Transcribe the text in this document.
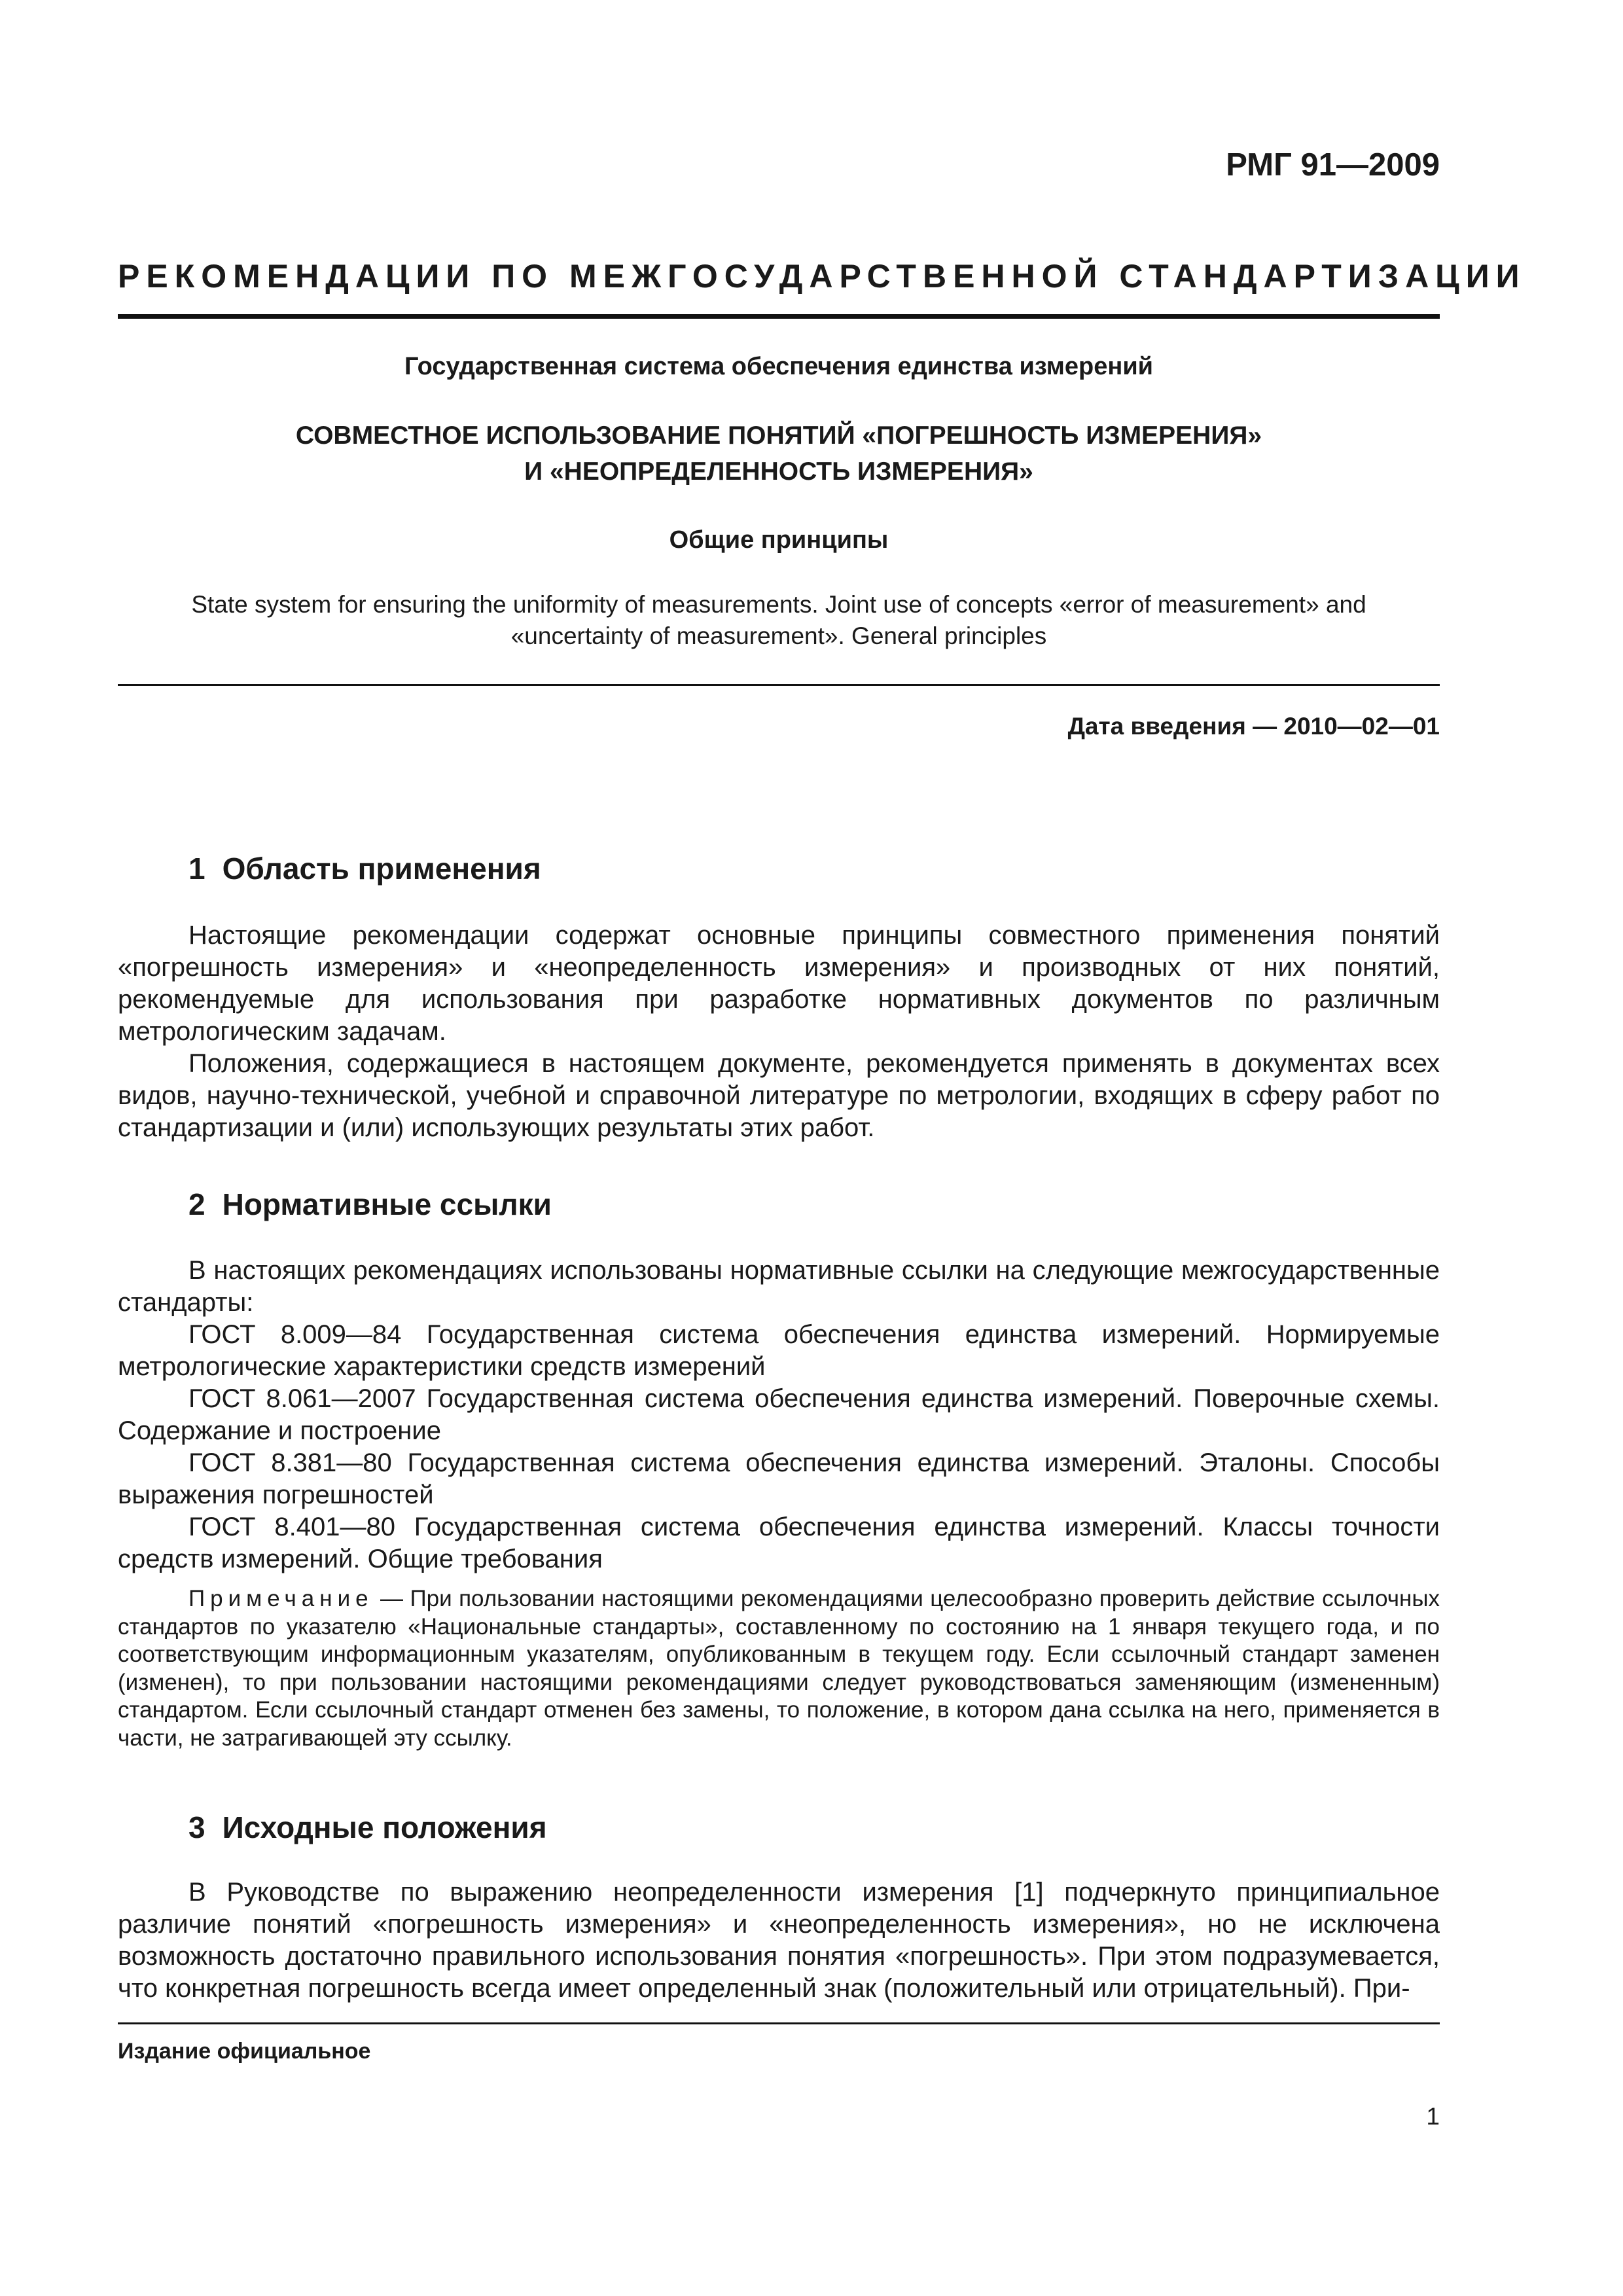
РМГ 91—2009
РЕКОМЕНДАЦИИ ПО МЕЖГОСУДАРСТВЕННОЙ СТАНДАРТИЗАЦИИ
Государственная система обеспечения единства измерений
СОВМЕСТНОЕ ИСПОЛЬЗОВАНИЕ ПОНЯТИЙ «ПОГРЕШНОСТЬ ИЗМЕРЕНИЯ»
И «НЕОПРЕДЕЛЕННОСТЬ ИЗМЕРЕНИЯ»
Общие принципы
State system for ensuring the uniformity of measurements. Joint use of concepts «error of measurement» and
«uncertainty of measurement». General principles
Дата введения — 2010—02—01
1 Область применения

Настоящие рекомендации содержат основные принципы совместного применения понятий «погрешность измерения» и «неопределенность измерения» и производных от них понятий, рекомендуемые для использования при разработке нормативных документов по различным метрологическим задачам.

Положения, содержащиеся в настоящем документе, рекомендуется применять в документах всех видов, научно-технической, учебной и справочной литературе по метрологии, входящих в сферу работ по стандартизации и (или) использующих результаты этих работ.

2 Нормативные ссылки

В настоящих рекомендациях использованы нормативные ссылки на следующие межгосударственные стандарты:

ГОСТ 8.009—84 Государственная система обеспечения единства измерений. Нормируемые метрологические характеристики средств измерений

ГОСТ 8.061—2007 Государственная система обеспечения единства измерений. Поверочные схемы. Содержание и построение

ГОСТ 8.381—80 Государственная система обеспечения единства измерений. Эталоны. Способы выражения погрешностей

ГОСТ 8.401—80 Государственная система обеспечения единства измерений. Классы точности средств измерений. Общие требования

Примечание — При пользовании настоящими рекомендациями целесообразно проверить действие ссылочных стандартов по указателю «Национальные стандарты», составленному по состоянию на 1 января текущего года, и по соответствующим информационным указателям, опубликованным в текущем году. Если ссылочный стандарт заменен (изменен), то при пользовании настоящими рекомендациями следует руководствоваться заменяющим (измененным) стандартом. Если ссылочный стандарт отменен без замены, то положение, в котором дана ссылка на него, применяется в части, не затрагивающей эту ссылку.

3 Исходные положения

В Руководстве по выражению неопределенности измерения [1] подчеркнуто принципиальное различие понятий «погрешность измерения» и «неопределенность измерения», но не исключена возможность достаточно правильного использования понятия «погрешность». При этом подразумевается, что конкретная погрешность всегда имеет определенный знак (положительный или отрицательный). При-

Издание официальное
1
